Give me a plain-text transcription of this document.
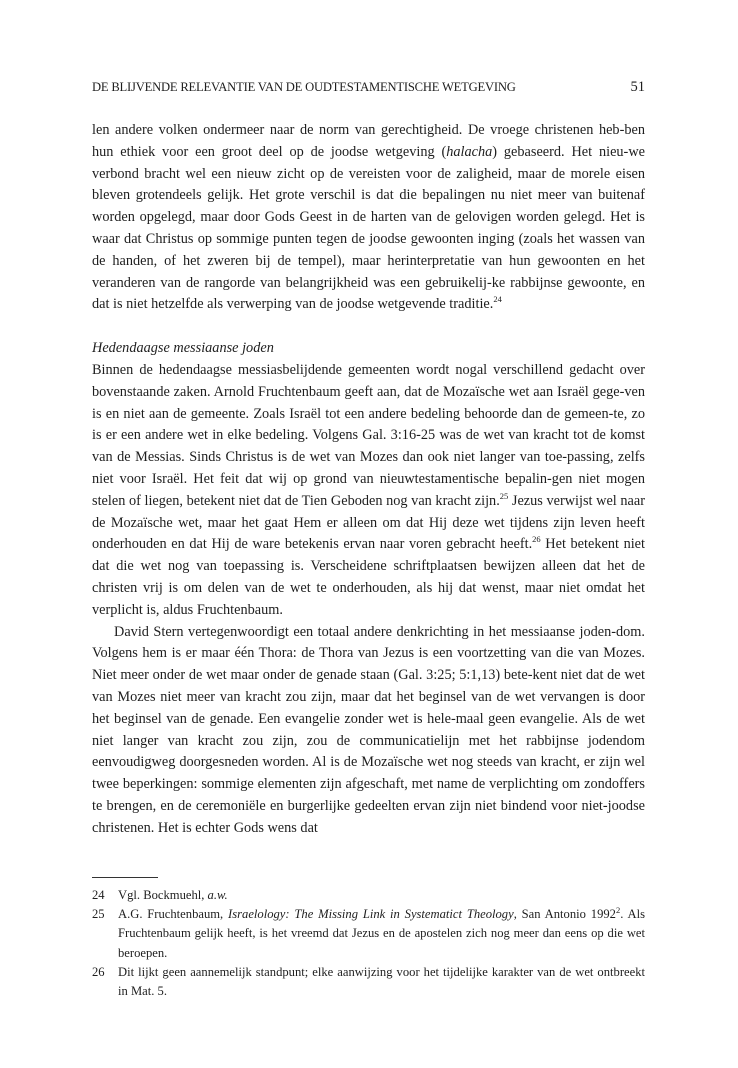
DE BLIJVENDE RELEVANTIE VAN DE OUDTESTAMENTISCHE WETGEVING	51

len andere volken ondermeer naar de norm van gerechtigheid. De vroege christenen heb-ben hun ethiek voor een groot deel op de joodse wetgeving (halacha) gebaseerd. Het nieu-we verbond bracht wel een nieuw zicht op de vereisten voor de zaligheid, maar de morele eisen bleven grotendeels gelijk. Het grote verschil is dat die bepalingen nu niet meer van buitenaf worden opgelegd, maar door Gods Geest in de harten van de gelovigen worden gelegd. Het is waar dat Christus op sommige punten tegen de joodse gewoonten inging (zoals het wassen van de handen, of het zweren bij de tempel), maar herinterpretatie van hun gewoonten en het veranderen van de rangorde van belangrijkheid was een gebruikelij-ke rabbijnse gewoonte, en dat is niet hetzelfde als verwerping van de joodse wetgevende traditie.$^{24}$

Hedendaagse messiaanse joden

Binnen de hedendaagse messiasbelijdende gemeenten wordt nogal verschillend gedacht over bovenstaande zaken. Arnold Fruchtenbaum geeft aan, dat de Mozaïsche wet aan Israël gege-ven is en niet aan de gemeente. Zoals Israël tot een andere bedeling behoorde dan de gemeen-te, zo is er een andere wet in elke bedeling. Volgens Gal. 3:16-25 was de wet van kracht tot de komst van de Messias. Sinds Christus is de wet van Mozes dan ook niet langer van toe-passing, zelfs niet voor Israël. Het feit dat wij op grond van nieuwtestamentische bepalin-gen niet mogen stelen of liegen, betekent niet dat de Tien Geboden nog van kracht zijn.$^{25}$ Jezus verwijst wel naar de Mozaïsche wet, maar het gaat Hem er alleen om dat Hij deze wet tijdens zijn leven heeft onderhouden en dat Hij de ware betekenis ervan naar voren gebracht heeft.$^{26}$ Het betekent niet dat die wet nog van toepassing is. Verscheidene schriftplaatsen bewijzen alleen dat het de christen vrij is om delen van de wet te onderhouden, als hij dat wenst, maar niet omdat het verplicht is, aldus Fruchtenbaum.

David Stern vertegenwoordigt een totaal andere denkrichting in het messiaanse joden-dom. Volgens hem is er maar één Thora: de Thora van Jezus is een voortzetting van die van Mozes. Niet meer onder de wet maar onder de genade staan (Gal. 3:25; 5:1,13) bete-kent niet dat de wet van Mozes niet meer van kracht zou zijn, maar dat het beginsel van de wet vervangen is door het beginsel van de genade. Een evangelie zonder wet is hele-maal geen evangelie. Als de wet niet langer van kracht zou zijn, zou de communicatielijn met het rabbijnse jodendom eenvoudigweg doorgesneden worden. Al is de Mozaïsche wet nog steeds van kracht, er zijn wel twee beperkingen: sommige elementen zijn afgeschaft, met name de verplichting om zondoffers te brengen, en de ceremoniële en burgerlijke gedeelten ervan zijn niet bindend voor niet-joodse christenen. Het is echter Gods wens dat

24	Vgl. Bockmuehl, a.w.
25	A.G. Fruchtenbaum, Israelology: The Missing Link in Systematict Theology, San Antonio 1992$^2$. Als Fruchtenbaum gelijk heeft, is het vreemd dat Jezus en de apostelen zich nog meer dan eens op die wet beroepen.
26	Dit lijkt geen aannemelijk standpunt; elke aanwijzing voor het tijdelijke karakter van de wet ontbreekt in Mat. 5.
